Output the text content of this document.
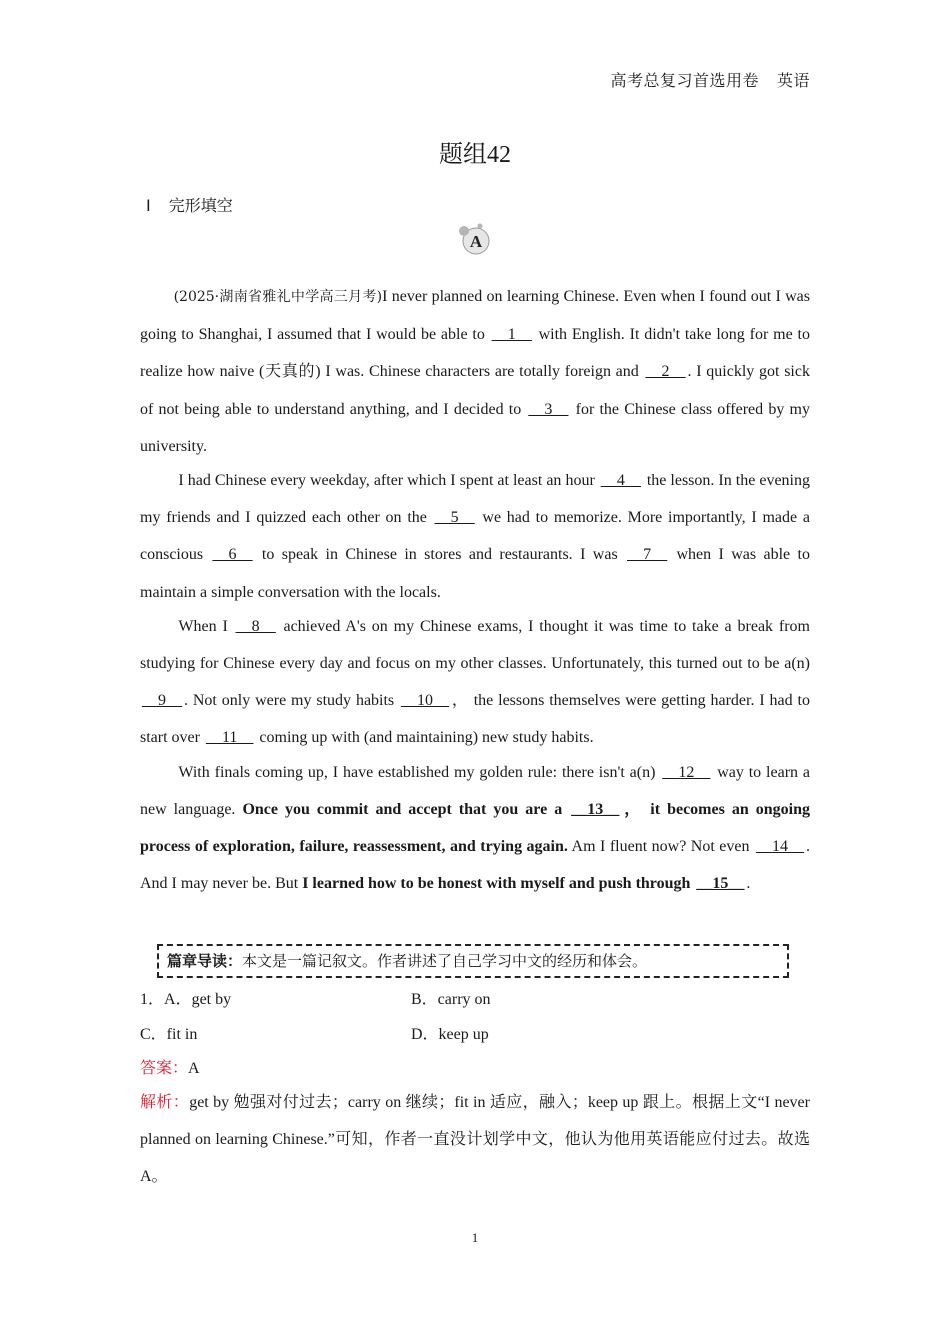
高考总复习首选用卷 英语
题组42
Ⅰ 完形填空
A

(2025·湖南省雅礼中学高三月考)I never planned on learning Chinese. Even when I found out I was going to Shanghai, I assumed that I would be able to __1__ with English. It didn't take long for me to realize how naive (天真的) I was. Chinese characters are totally foreign and __2__ . I quickly got sick of not being able to understand anything, and I decided to __3__ for the Chinese class offered by my university.

I had Chinese every weekday, after which I spent at least an hour __4__ the lesson. In the evening my friends and I quizzed each other on the __5__ we had to memorize. More importantly, I made a conscious __6__ to speak in Chinese in stores and restaurants. I was __7__ when I was able to maintain a simple conversation with the locals.

When I __8__ achieved A's on my Chinese exams, I thought it was time to take a break from studying for Chinese every day and focus on my other classes. Unfortunately, this turned out to be a(n) __9__ . Not only were my study habits __10__ ， the lessons themselves were getting harder. I had to start over __11__ coming up with (and maintaining) new study habits.

With finals coming up, I have established my golden rule: there isn't a(n) __12__ way to learn a new language. Once you commit and accept that you are a __13__ ， it becomes an ongoing process of exploration, failure, reassessment, and trying again. Am I fluent now? Not even __14__ . And I may never be. But I learned how to be honest with myself and push through __15__ .

篇章导读：本文是一篇记叙文。作者讲述了自己学习中文的经历和体会。
1．A．get by	B．carry on
C．fit in	D．keep up
答案：A
解析：get by 勉强对付过去；carry on 继续；fit in 适应，融入；keep up 跟上。根据上文“I never planned on learning Chinese.”可知，作者一直没计划学中文，他认为他用英语能应付过去。故选 A。
1
